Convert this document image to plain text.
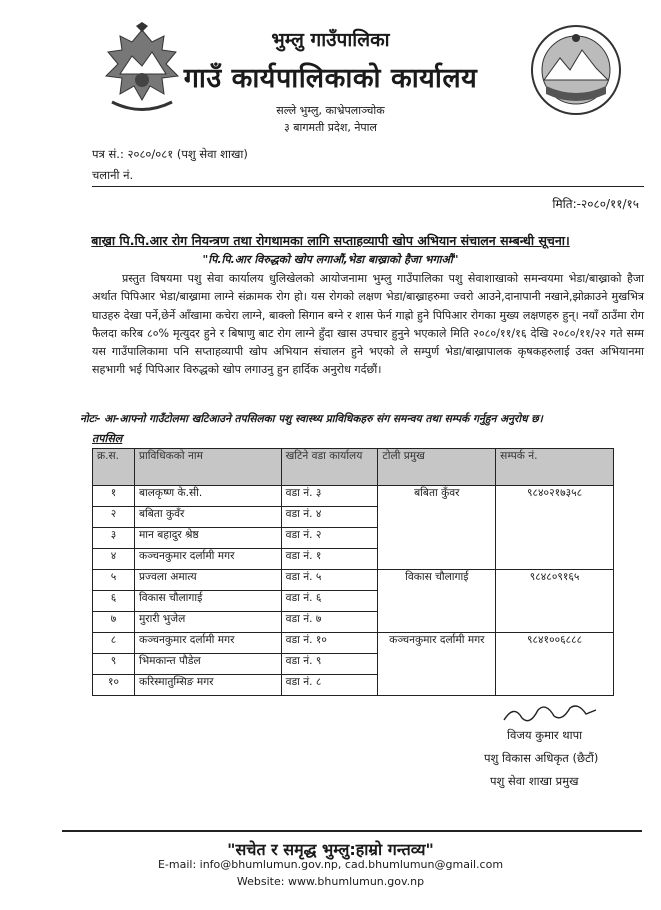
भुम्लु गाउँपालिका
गाउँ कार्यपालिकाको कार्यालय
सल्ले भुम्लु, काभ्रेपलाञ्चोक
३ बागमती प्रदेश, नेपाल
पत्र सं.: २०८०/०८१ (पशु सेवा शाखा)
चलानी नं.
मिति:-२०८०/११/१५
बाख्रा पि.पि.आर रोग नियन्त्रण तथा रोगथामका लागि सप्ताहव्यापी खोप अभियान संचालन सम्बन्धी सूचना।
"पि.पि.आर विरुद्धको खोप लगाऔं,भेडा बाख्राको हैजा भगाऔं"

प्रस्तुत विषयमा पशु सेवा कार्यालय धुलिखेलको आयोजनामा भुम्लु गाउँपालिका पशु सेवाशाखाको समन्वयमा भेडा/बाख्राको हैजा अर्थात पिपिआर भेडा/बाख्रामा लाग्ने संक्रामक रोग हो। यस रोगको लक्षण भेडा/बाख्राहरुमा ज्वरो आउने,दानापानी नखाने,झोक्राउने मुखभित्र घाउहरु देखा पर्ने,छेर्ने आँखामा कचेरा लाग्ने, बाक्लो सिगान बग्ने र शास फेर्न गाह्रो हुने पिपिआर रोगका मुख्य लक्षणहरु हुन्। नयाँ ठाउँमा रोग फैलदा करिब ८०% मृत्युदर हुने र बिषाणु बाट रोग लाग्ने हुँदा खास उपचार हुनुने भएकाले मिति २०८०/११/१६ देखि २०८०/११/२२ गते सम्म यस गाउँपालिकामा पनि सप्ताहव्यापी खोप अभियान संचालन हुने भएको ले सम्पुर्ण भेडा/बाख्रापालक कृषकहरुलाई उक्त अभियानमा सहभागी भई पिपिआर विरुद्धको खोप लगाउनु हुन हार्दिक अनुरोध गर्दछौं।

नोटः- आ-आफ्नो गाउँटोलमा खटिआउने तपसिलका पशु स्वास्थ्य प्राविधिकहरु संग समन्वय तथा सम्पर्क गर्नुहुन अनुरोध छ।
तपसिल
क्र.स.	प्राविधिकको नाम	खटिने वडा कार्यालय	टोली प्रमुख	सम्पर्क नं.
१	बालकृष्ण के.सी.	वडा नं. ३	बबिता कुँवर	९८४०२१७३५८
२	बबिता कुवँर	वडा नं. ४		
३	मान बहादुर श्रेष्ठ	वडा नं. २		
४	कञ्चनकुमार दर्लामी मगर	वडा नं. १		
५	प्रज्वला अमात्य	वडा नं. ५	विकास चौलागाई	९८४८०९१६५
६	विकास चौलागाई	वडा नं. ६		
७	मुरारी भुजेल	वडा नं. ७		
८	कञ्चनकुमार दर्लामी मगर	वडा नं. १०	कञ्चनकुमार दर्लामी मगर	९८४१००६८८८
९	भिमकान्त पौडेल	वडा नं. ९		
१०	करिस्मातुम्सिङ मगर	वडा नं. ८		
विजय कुमार थापा
पशु विकास अधिकृत (छैटौं)
पशु सेवा शाखा प्रमुख
"सचेत र समृद्ध भुम्लु:हाम्रो गन्तव्य"
E-mail: info@bhumlumun.gov.np, cad.bhumlumun@gmail.com
Website: www.bhumlumun.gov.np
